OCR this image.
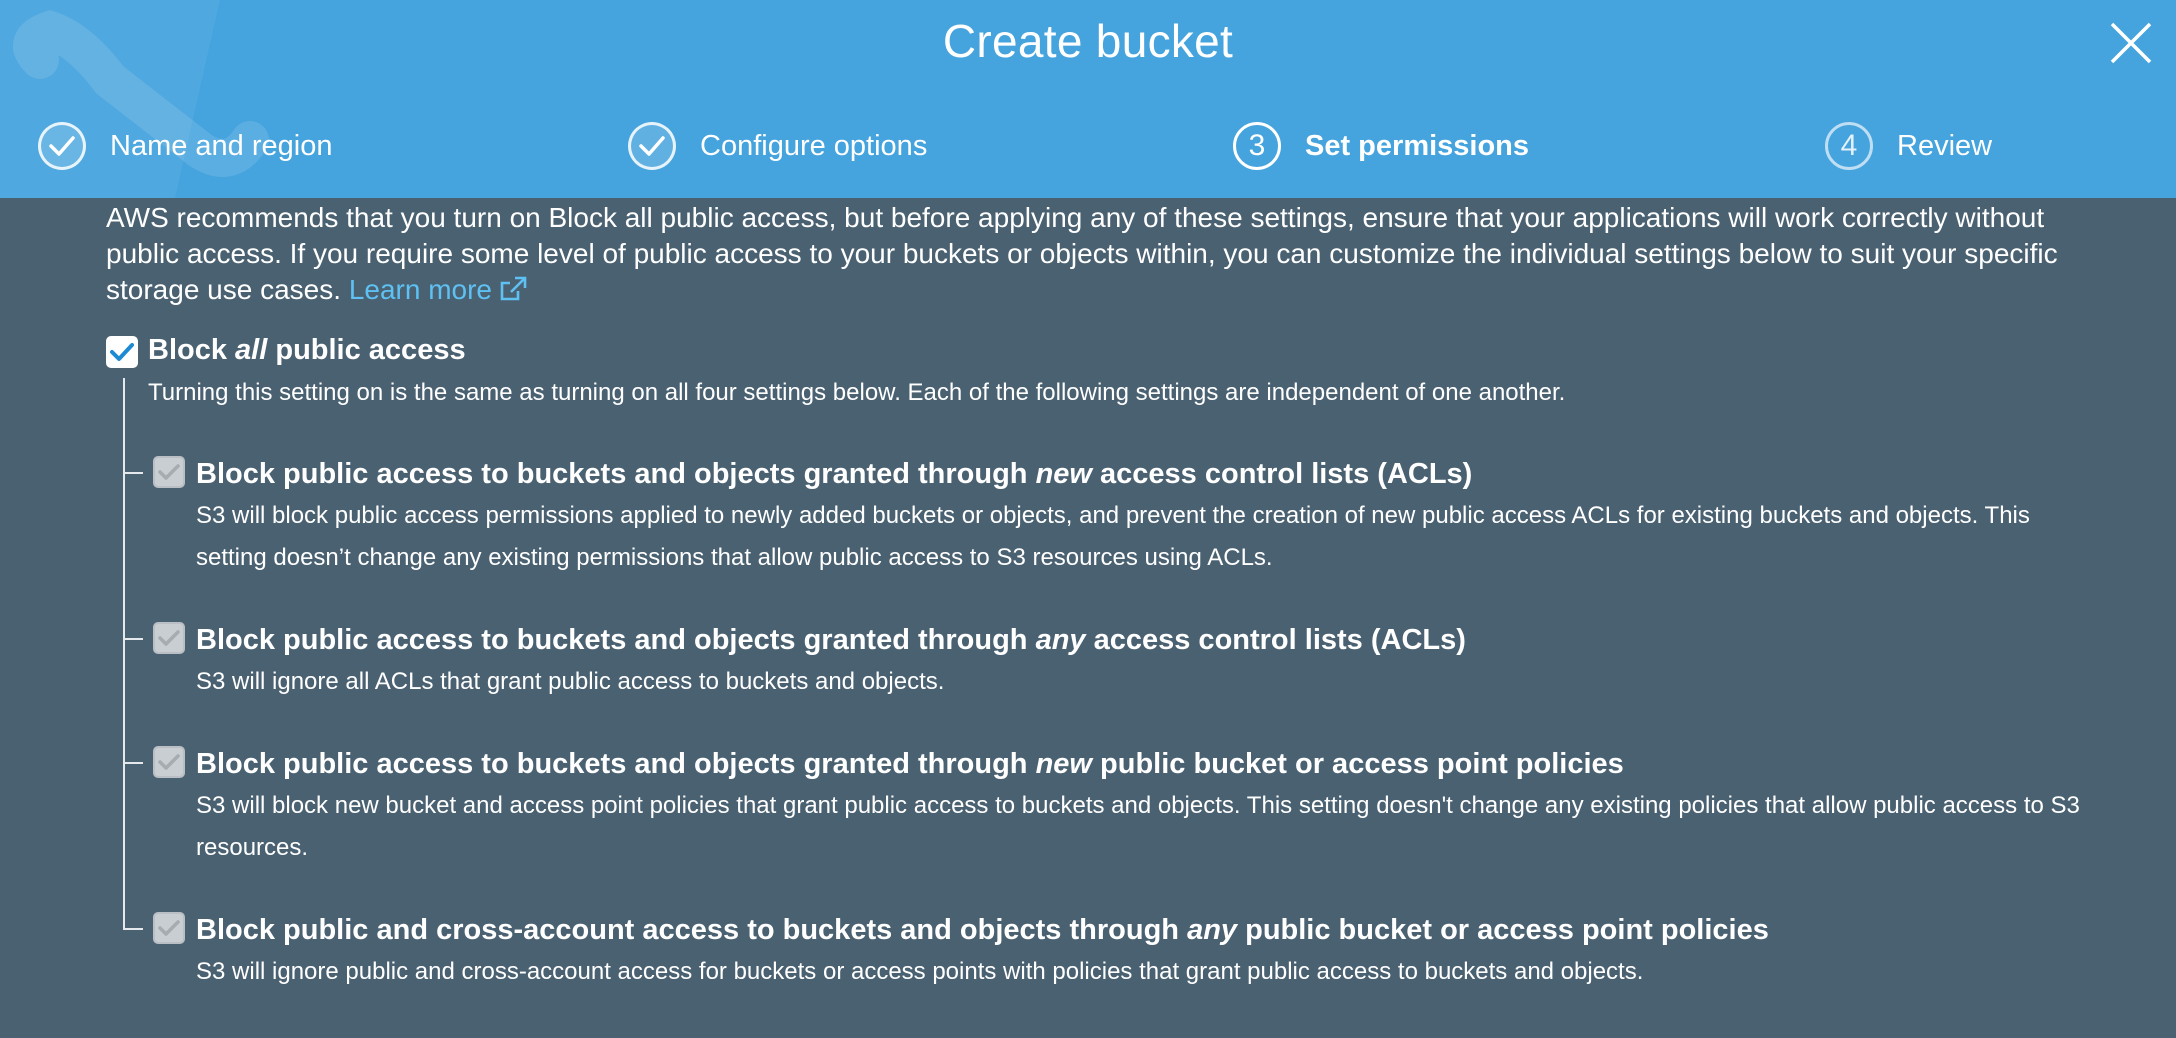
Create bucket
Name and region	Configure options	3	Set permissions	4	Review
AWS recommends that you turn on Block all public access, but before applying any of these settings, ensure that your applications will work correctly without public access. If you require some level of public access to your buckets or objects within, you can customize the individual settings below to suit your specific storage use cases. Learn more
Block all public access
Turning this setting on is the same as turning on all four settings below. Each of the following settings are independent of one another.
Block public access to buckets and objects granted through new access control lists (ACLs)
S3 will block public access permissions applied to newly added buckets or objects, and prevent the creation of new public access ACLs for existing buckets and objects. This setting doesn’t change any existing permissions that allow public access to S3 resources using ACLs.
Block public access to buckets and objects granted through any access control lists (ACLs)
S3 will ignore all ACLs that grant public access to buckets and objects.
Block public access to buckets and objects granted through new public bucket or access point policies
S3 will block new bucket and access point policies that grant public access to buckets and objects. This setting doesn't change any existing policies that allow public access to S3 resources.
Block public and cross-account access to buckets and objects through any public bucket or access point policies
S3 will ignore public and cross-account access for buckets or access points with policies that grant public access to buckets and objects.
